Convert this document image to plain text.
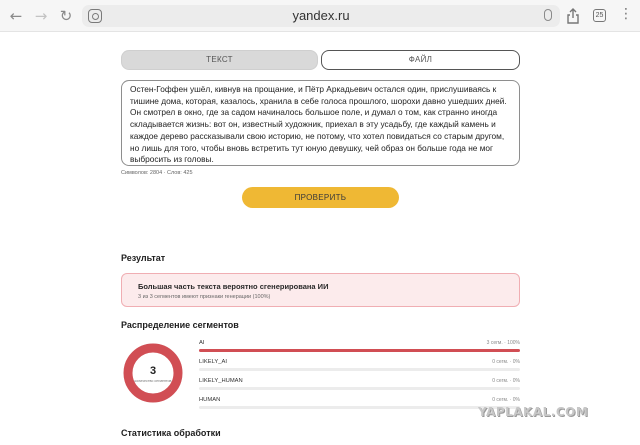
← → ↻	yandex.ru	25 ⋮
ТЕКСТ	ФАЙЛ
Остен-Гоффен ушёл, кивнув на прощание, и Пётр Аркадьевич остался один, прислушиваясь к тишине дома, которая, казалось, хранила в себе голоса прошлого, шорохи давно ушедших дней. Он смотрел в окно, где за садом начиналось большое поле, и думал о том, как странно иногда складывается жизнь: вот он, известный художник, приехал в эту усадьбу, где каждый камень и каждое дерево рассказывали свою историю, не потому, что хотел повидаться со старым другом, но лишь для того, чтобы вновь встретить тут юную девушку, чей образ он больше года не мог выбросить из головы.
Символов: 2804 · Слов: 425
ПРОВЕРИТЬ
Результат
Большая часть текста вероятно сгенерирована ИИ
3 из 3 сегментов имеют признаки генерации (100%)
Распределение сегментов
3
количество сегментов
AI	3 сегм. · 100%
LIKELY_AI	0 сегм. · 0%
LIKELY_HUMAN	0 сегм. · 0%
HUMAN	0 сегм. · 0%
Статистика обработки
YAPLAKAL.COM
